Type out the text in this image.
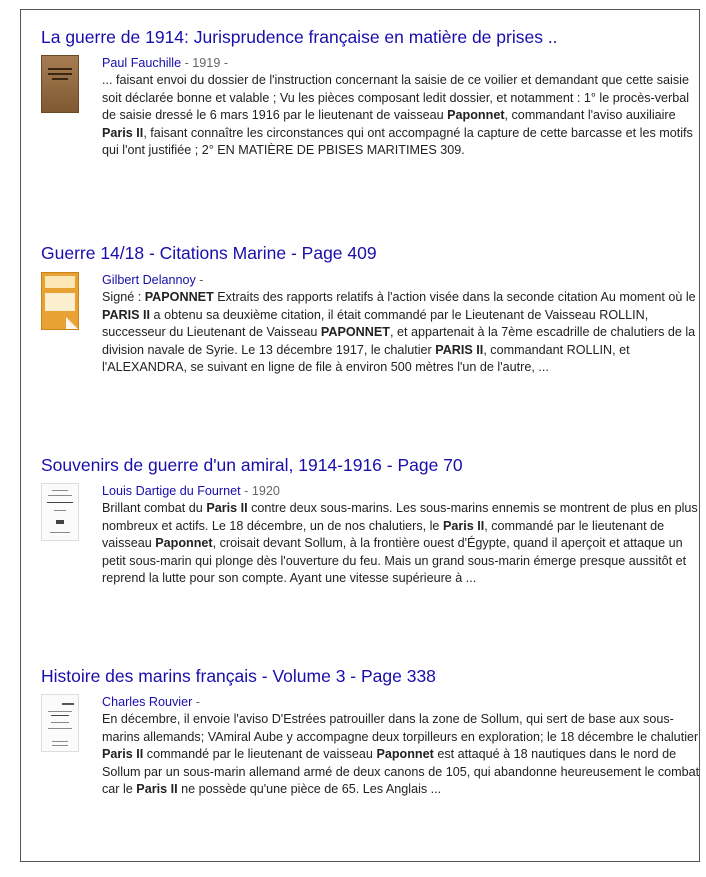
La guerre de 1914: Jurisprudence française en matière de prises ..
Paul Fauchille - 1919 -
... faisant envoi du dossier de l'instruction concernant la saisie de ce voilier et demandant que cette saisie soit déclarée bonne et valable ; Vu les pièces composant ledit dossier, et notamment : 1° le procès-verbal de saisie dressé le 6 mars 1916 par le lieutenant de vaisseau Paponnet, commandant l'aviso auxiliaire Paris II, faisant connaître les circonstances qui ont accompagné la capture de cette barcasse et les motifs qui l'ont justifiée ; 2° EN MATIÈRE DE PBISES MARITIMES 309.
Guerre 14/18 - Citations Marine - Page 409
Gilbert Delannoy -
Signé : PAPONNET Extraits des rapports relatifs à l'action visée dans la seconde citation Au moment où le PARIS II a obtenu sa deuxième citation, il était commandé par le Lieutenant de Vaisseau ROLLIN, successeur du Lieutenant de Vaisseau PAPONNET, et appartenait à la 7ème escadrille de chalutiers de la division navale de Syrie. Le 13 décembre 1917, le chalutier PARIS II, commandant ROLLIN, et l'ALEXANDRA, se suivant en ligne de file à environ 500 mètres l'un de l'autre, ...
Souvenirs de guerre d'un amiral, 1914-1916 - Page 70
Louis Dartige du Fournet - 1920
Brillant combat du Paris II contre deux sous-marins. Les sous-marins ennemis se montrent de plus en plus nombreux et actifs. Le 18 décembre, un de nos chalutiers, le Paris II, commandé par le lieutenant de vaisseau Paponnet, croisait devant Sollum, à la frontière ouest d'Égypte, quand il aperçoit et attaque un petit sous-marin qui plonge dès l'ouverture du feu. Mais un grand sous-marin émerge presque aussitôt et reprend la lutte pour son compte. Ayant une vitesse supérieure à ...
Histoire des marins français - Volume 3 - Page 338
Charles Rouvier -
En décembre, il envoie l'aviso D'Estrées patrouiller dans la zone de Sollum, qui sert de base aux sous-marins allemands; VAmiral Aube y accompagne deux torpilleurs en exploration; le 18 décembre le chalutier Paris II commandé par le lieutenant de vaisseau Paponnet est attaqué à 18 nautiques dans le nord de Sollum par un sous-marin allemand armé de deux canons de 105, qui abandonne heureusement le combat car le Paris II ne possède qu'une pièce de 65. Les Anglais ...
